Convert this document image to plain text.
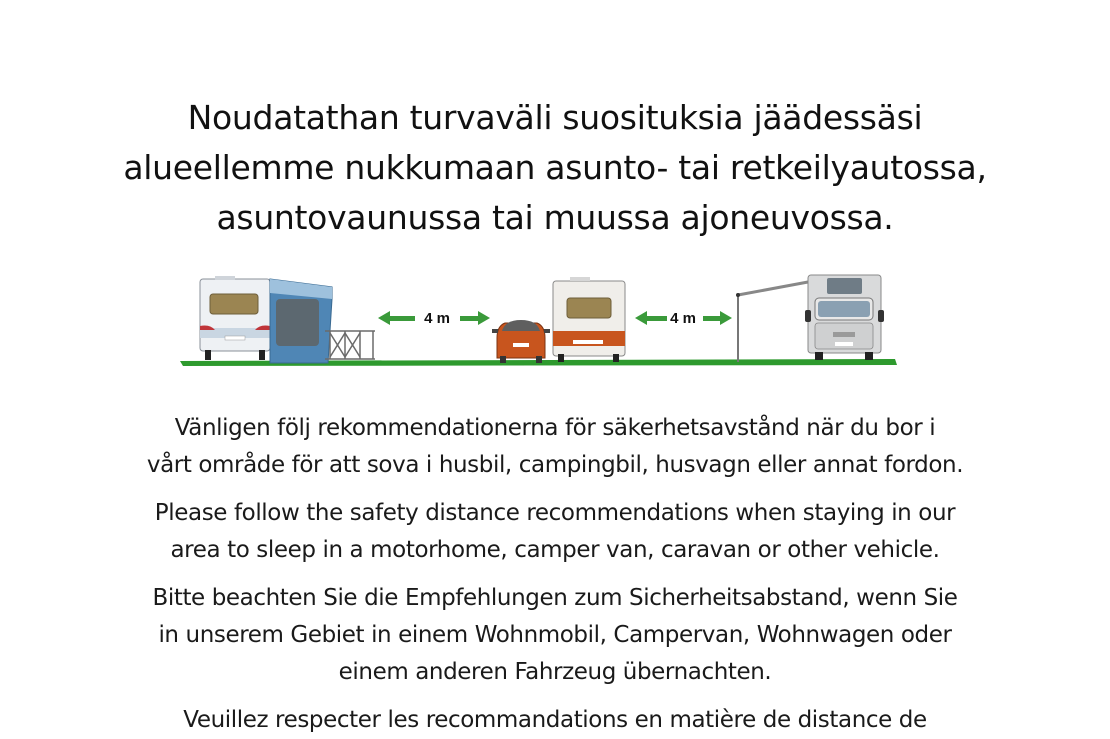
Noudatathan turvaväli suosituksia jäädessäsi
alueellemme nukkumaan asunto- tai retkeilyautossa,
asuntovaunussa tai muussa ajoneuvossa.
4 m	4 m
Vänligen följ rekommendationerna för säkerhetsavstånd när du bor i
vårt område för att sova i husbil, campingbil, husvagn eller annat fordon.
Please follow the safety distance recommendations when staying in our
area to sleep in a motorhome, camper van, caravan or other vehicle.
Bitte beachten Sie die Empfehlungen zum Sicherheitsabstand, wenn Sie
in unserem Gebiet in einem Wohnmobil, Campervan, Wohnwagen oder
einem anderen Fahrzeug übernachten.
Veuillez respecter les recommandations en matière de distance de
